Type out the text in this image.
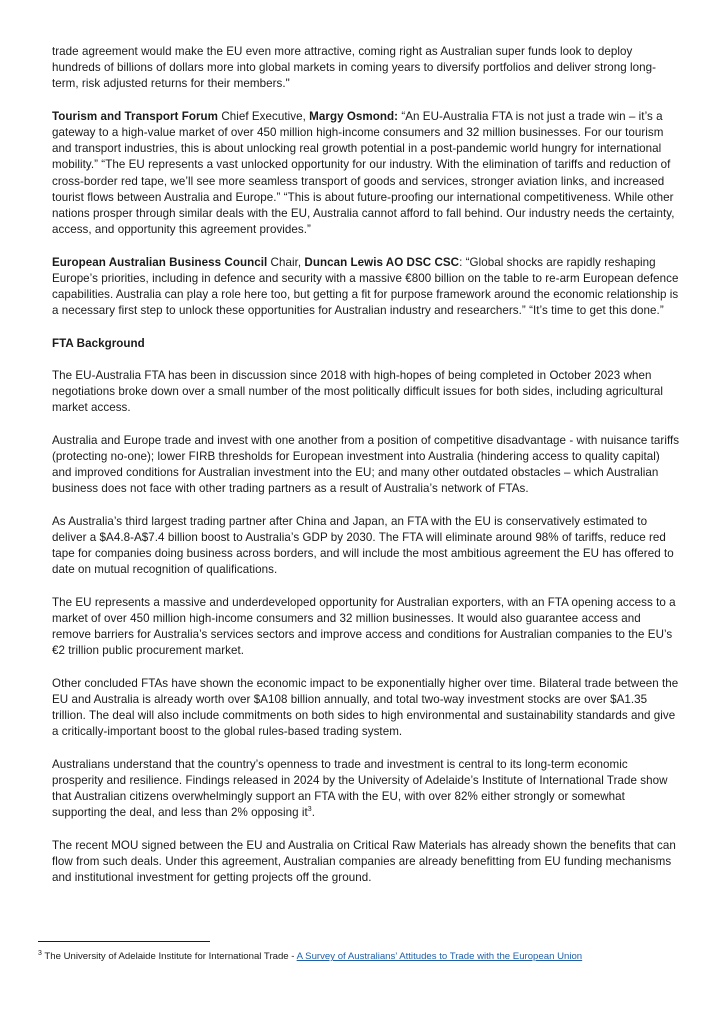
trade agreement would make the EU even more attractive, coming right as Australian super funds look to deploy hundreds of billions of dollars more into global markets in coming years to diversify portfolios and deliver strong long-term, risk adjusted returns for their members."

Tourism and Transport Forum Chief Executive, Margy Osmond: “An EU-Australia FTA is not just a trade win – it’s a gateway to a high-value market of over 450 million high-income consumers and 32 million businesses. For our tourism and transport industries, this is about unlocking real growth potential in a post-pandemic world hungry for international mobility.” “The EU represents a vast unlocked opportunity for our industry. With the elimination of tariffs and reduction of cross-border red tape, we’ll see more seamless transport of goods and services, stronger aviation links, and increased tourist flows between Australia and Europe.” “This is about future-proofing our international competitiveness. While other nations prosper through similar deals with the EU, Australia cannot afford to fall behind. Our industry needs the certainty, access, and opportunity this agreement provides.”

European Australian Business Council Chair, Duncan Lewis AO DSC CSC: “Global shocks are rapidly reshaping Europe’s priorities, including in defence and security with a massive €800 billion on the table to re-arm European defence capabilities. Australia can play a role here too, but getting a fit for purpose framework around the economic relationship is a necessary first step to unlock these opportunities for Australian industry and researchers.” “It’s time to get this done.”

FTA Background

The EU-Australia FTA has been in discussion since 2018 with high-hopes of being completed in October 2023 when negotiations broke down over a small number of the most politically difficult issues for both sides, including agricultural market access.

Australia and Europe trade and invest with one another from a position of competitive disadvantage - with nuisance tariffs (protecting no-one); lower FIRB thresholds for European investment into Australia (hindering access to quality capital) and improved conditions for Australian investment into the EU; and many other outdated obstacles – which Australian business does not face with other trading partners as a result of Australia’s network of FTAs.

As Australia’s third largest trading partner after China and Japan, an FTA with the EU is conservatively estimated to deliver a $A4.8-A$7.4 billion boost to Australia’s GDP by 2030. The FTA will eliminate around 98% of tariffs, reduce red tape for companies doing business across borders, and will include the most ambitious agreement the EU has offered to date on mutual recognition of qualifications.

The EU represents a massive and underdeveloped opportunity for Australian exporters, with an FTA opening access to a market of over 450 million high-income consumers and 32 million businesses. It would also guarantee access and remove barriers for Australia’s services sectors and improve access and conditions for Australian companies to the EU’s €2 trillion public procurement market.

Other concluded FTAs have shown the economic impact to be exponentially higher over time. Bilateral trade between the EU and Australia is already worth over $A108 billion annually, and total two-way investment stocks are over $A1.35 trillion. The deal will also include commitments on both sides to high environmental and sustainability standards and give a critically-important boost to the global rules-based trading system.

Australians understand that the country’s openness to trade and investment is central to its long-term economic prosperity and resilience. Findings released in 2024 by the University of Adelaide’s Institute of International Trade show that Australian citizens overwhelmingly support an FTA with the EU, with over 82% either strongly or somewhat supporting the deal, and less than 2% opposing $it^3$.

The recent MOU signed between the EU and Australia on Critical Raw Materials has already shown the benefits that can flow from such deals. Under this agreement, Australian companies are already benefitting from EU funding mechanisms and institutional investment for getting projects off the ground.

$^3$ The University of Adelaide Institute for International Trade - A Survey of Australians’ Attitudes to Trade with the European Union
